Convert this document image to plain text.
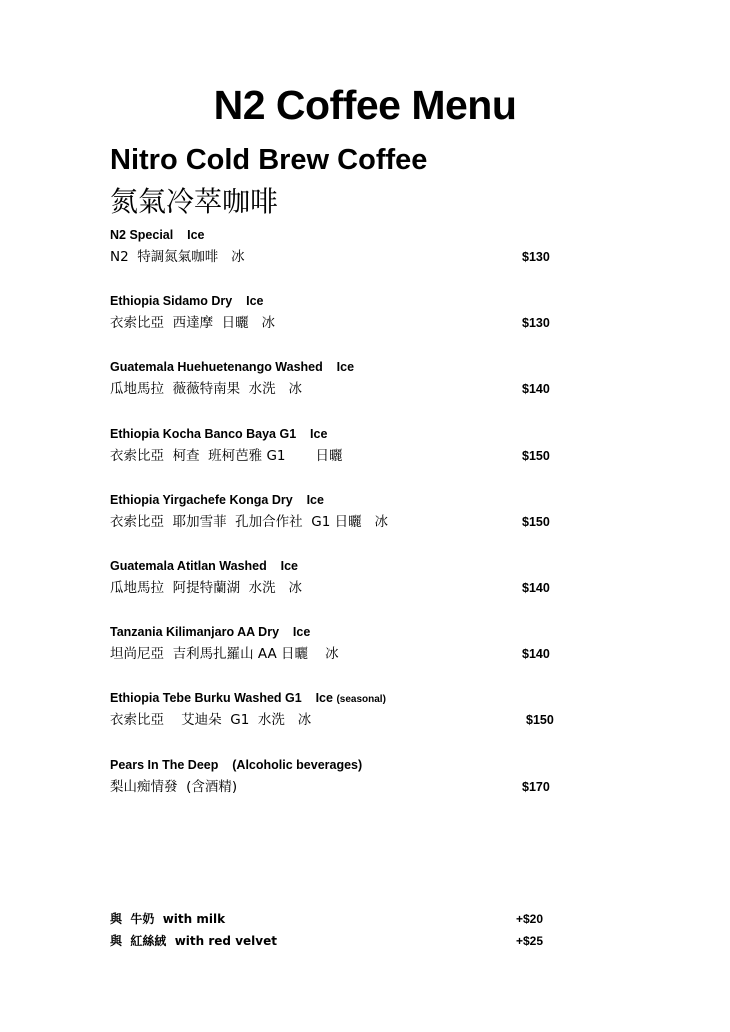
N2 Coffee Menu
Nitro Cold Brew Coffee
氮氣冷萃咖啡
N2 Special    Ice
N2  特調氮氣咖啡   冰	$130
Ethiopia Sidamo Dry    Ice
衣索比亞  西達摩  日曬   冰	$130
Guatemala Huehuetenango Washed    Ice
瓜地馬拉  薇薇特南果  水洗   冰	$140
Ethiopia Kocha Banco Baya G1    Ice
衣索比亞  柯查  班柯芭雅 G1       日曬	$150
Ethiopia Yirgachefe Konga Dry    Ice
衣索比亞  耶加雪菲  孔加合作社  G1 日曬   冰	$150
Guatemala Atitlan Washed    Ice
瓜地馬拉  阿提特蘭湖  水洗   冰	$140
Tanzania Kilimanjaro AA Dry    Ice
坦尚尼亞  吉利馬扎羅山 AA 日曬    冰	$140
Ethiopia Tebe Burku Washed G1    Ice (seasonal)
衣索比亞    艾迪朵  G1  水洗   冰	$150
Pears In The Deep    (Alcoholic beverages)
梨山痴情發  (含酒精)	$170
與  牛奶  with milk	+$20
與  紅絲絨  with red velvet	+$25
